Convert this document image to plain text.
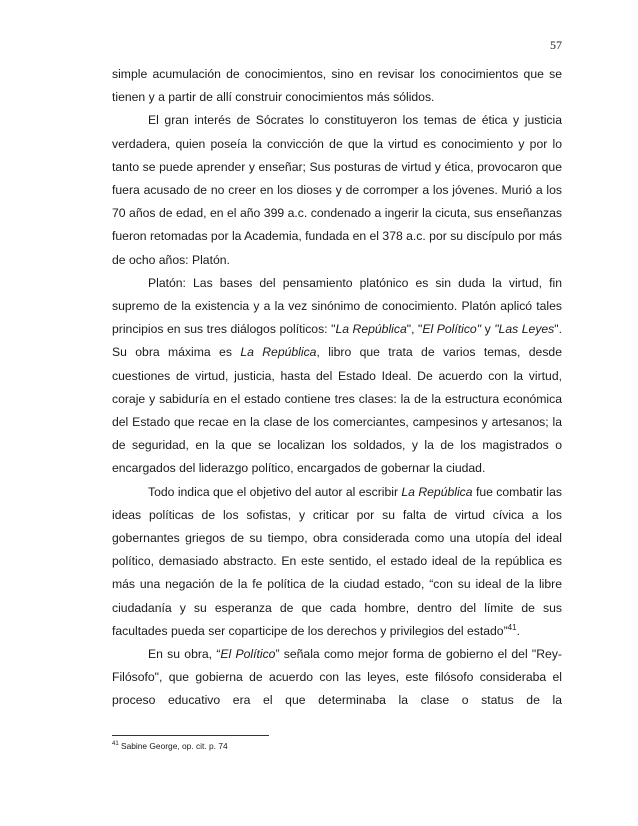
57

simple acumulación de conocimientos, sino en revisar los conocimientos que se tienen y a partir de allí construir conocimientos más sólidos.

El gran interés de Sócrates lo constituyeron los temas de ética y justicia verdadera, quien poseía la convicción de que la virtud es conocimiento y por lo tanto se puede aprender y enseñar; Sus posturas de virtud y ética, provocaron que fuera acusado de no creer en los dioses y de corromper a los jóvenes. Murió a los 70 años de edad, en el año 399 a.c. condenado a ingerir la cicuta, sus enseñanzas fueron retomadas por la Academia, fundada en el 378 a.c. por su discípulo por más de ocho años: Platón.

Platón: Las bases del pensamiento platónico es sin duda la virtud, fin supremo de la existencia y a la vez sinónimo de conocimiento. Platón aplicó tales principios en sus tres diálogos políticos: "La República", "El Político" y "Las Leyes". Su obra máxima es La República, libro que trata de varios temas, desde cuestiones de virtud, justicia, hasta del Estado Ideal. De acuerdo con la virtud, coraje y sabiduría en el estado contiene tres clases: la de la estructura económica del Estado que recae en la clase de los comerciantes, campesinos y artesanos; la de seguridad, en la que se localizan los soldados, y la de los magistrados o encargados del liderazgo político, encargados de gobernar la ciudad.

Todo indica que el objetivo del autor al escribir La República fue combatir las ideas políticas de los sofistas, y criticar por su falta de virtud cívica a los gobernantes griegos de su tiempo, obra considerada como una utopía del ideal político, demasiado abstracto. En este sentido, el estado ideal de la república es más una negación de la fe política de la ciudad estado, “con su ideal de la libre ciudadanía y su esperanza de que cada hombre, dentro del límite de sus facultades pueda ser coparticipe de los derechos y privilegios del estado”$^{41}$.

En su obra, “El Político” señala como mejor forma de gobierno el del "Rey-Filósofo", que gobierna de acuerdo con las leyes, este filósofo consideraba el proceso educativo era el que determinaba la clase o status de la

$^{41}$ Sabine George, op. cit. p. 74
